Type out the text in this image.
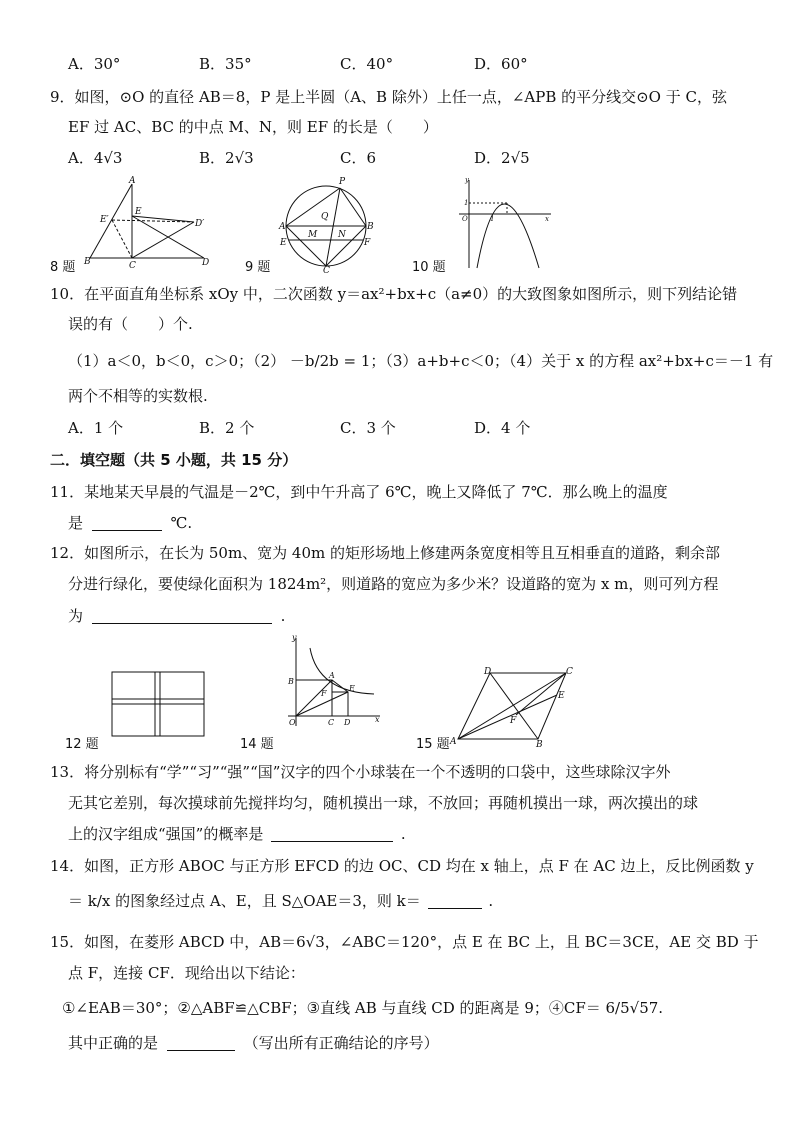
A．30°	B．35°	C．40°	D．60°
9．如图，⊙O 的直径 AB＝8，P 是上半圆（A、B 除外）上任一点，∠APB 的平分线交⊙O 于 C，弦
EF 过 AC、BC 的中点 M、N，则 EF 的长是（　　）
A．4√3	B．2√3	C．6	D．2√5
A
E
E′	D′
B	C	D
8 题
P
Q
A	B
M N
E	F
C
9 题
y
O
1
1	x
10 题
10．在平面直角坐标系 xOy 中，二次函数 y＝ax²+bx+c（a≠0）的大致图象如图所示，则下列结论错
误的有（　　）个.
（1）a＜0，b＜0，c＞0；（2） －b/2b = 1；（3）a+b+c＜0；（4）关于 x 的方程 ax²+bx+c＝－1 有
两个不相等的实数根.
A．1 个	B．2 个	C．3 个	D．4 个
二．填空题（共 5 小题，共 15 分）
11．某地某天早晨的气温是－2℃，到中午升高了 6℃，晚上又降低了 7℃．那么晚上的温度
是	℃.
12．如图所示，在长为 50m、宽为 40m 的矩形场地上修建两条宽度相等且互相垂直的道路，剩余部
分进行绿化，要使绿化面积为 1824m²，则道路的宽应为多少米？设道路的宽为 x m，则可列方程
为	.
12 题
y
B
A
E
F
O	C D	x
14 题
D	C
E
F
A	B
15 题
13．将分别标有“学”“习”“强”“国”汉字的四个小球装在一个不透明的口袋中，这些球除汉字外
无其它差别，每次摸球前先搅拌均匀，随机摸出一球，不放回；再随机摸出一球，两次摸出的球
上的汉字组成“强国”的概率是	.
14．如图，正方形 ABOC 与正方形 EFCD 的边 OC、CD 均在 x 轴上，点 F 在 AC 边上，反比例函数 y
＝ k/x 的图象经过点 A、E，且 S△OAE＝3，则 k＝	.
15．如图，在菱形 ABCD 中，AB＝6√3，∠ABC＝120°，点 E 在 BC 上，且 BC＝3CE，AE 交 BD 于
点 F，连接 CF．现给出以下结论：
①∠EAB＝30°；②△ABF≌△CBF；③直线 AB 与直线 CD 的距离是 9；④CF＝ 6/5√57.
其中正确的是	（写出所有正确结论的序号）
